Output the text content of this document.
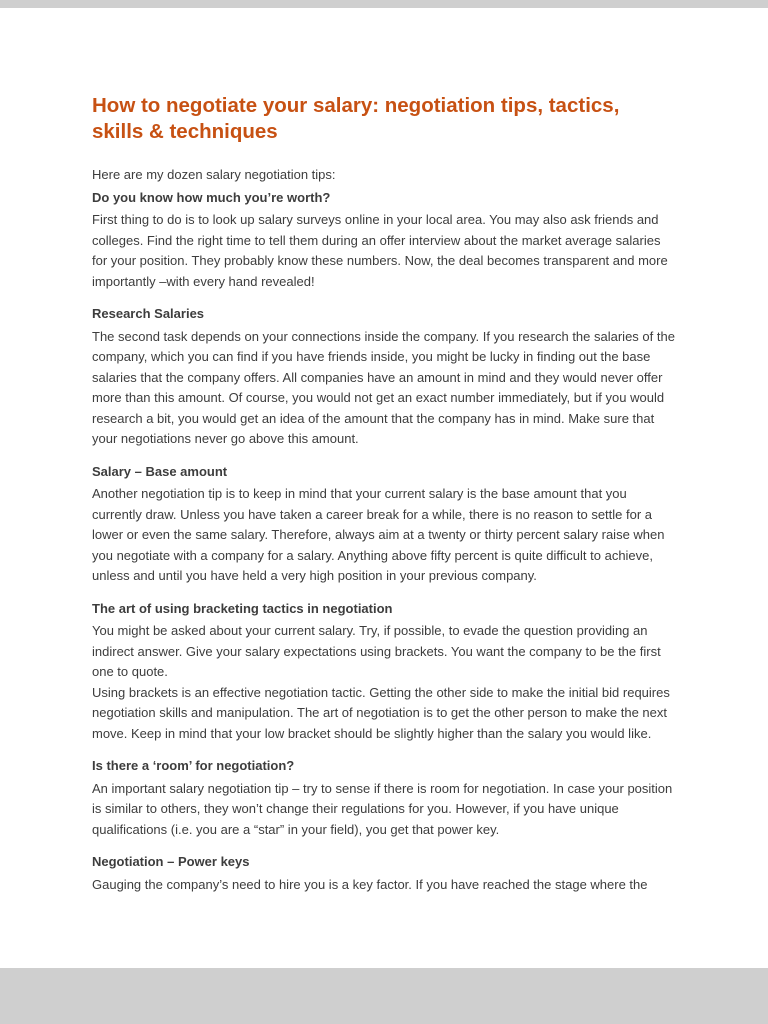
How to negotiate your salary: negotiation tips, tactics, skills & techniques

Here are my dozen salary negotiation tips:

Do you know how much you’re worth?

First thing to do is to look up salary surveys online in your local area. You may also ask friends and colleges. Find the right time to tell them during an offer interview about the market average salaries for your position. They probably know these numbers. Now, the deal becomes transparent and more importantly –with every hand revealed!

Research Salaries

The second task depends on your connections inside the company. If you research the salaries of the company, which you can find if you have friends inside, you might be lucky in finding out the base salaries that the company offers. All companies have an amount in mind and they would never offer more than this amount. Of course, you would not get an exact number immediately, but if you would research a bit, you would get an idea of the amount that the company has in mind. Make sure that your negotiations never go above this amount.

Salary – Base amount

Another negotiation tip is to keep in mind that your current salary is the base amount that you currently draw. Unless you have taken a career break for a while, there is no reason to settle for a lower or even the same salary. Therefore, always aim at a twenty or thirty percent salary raise when you negotiate with a company for a salary. Anything above fifty percent is quite difficult to achieve, unless and until you have held a very high position in your previous company.

The art of using bracketing tactics in negotiation

You might be asked about your current salary. Try, if possible, to evade the question providing an indirect answer. Give your salary expectations using brackets. You want the company to be the first one to quote.

Using brackets is an effective negotiation tactic. Getting the other side to make the initial bid requires negotiation skills and manipulation. The art of negotiation is to get the other person to make the next move. Keep in mind that your low bracket should be slightly higher than the salary you would like.

Is there a ‘room’ for negotiation?

An important salary negotiation tip – try to sense if there is room for negotiation. In case your position is similar to others, they won’t change their regulations for you. However, if you have unique qualifications (i.e. you are a “star” in your field), you get that power key.

Negotiation – Power keys

Gauging the company’s need to hire you is a key factor. If you have reached the stage where the
